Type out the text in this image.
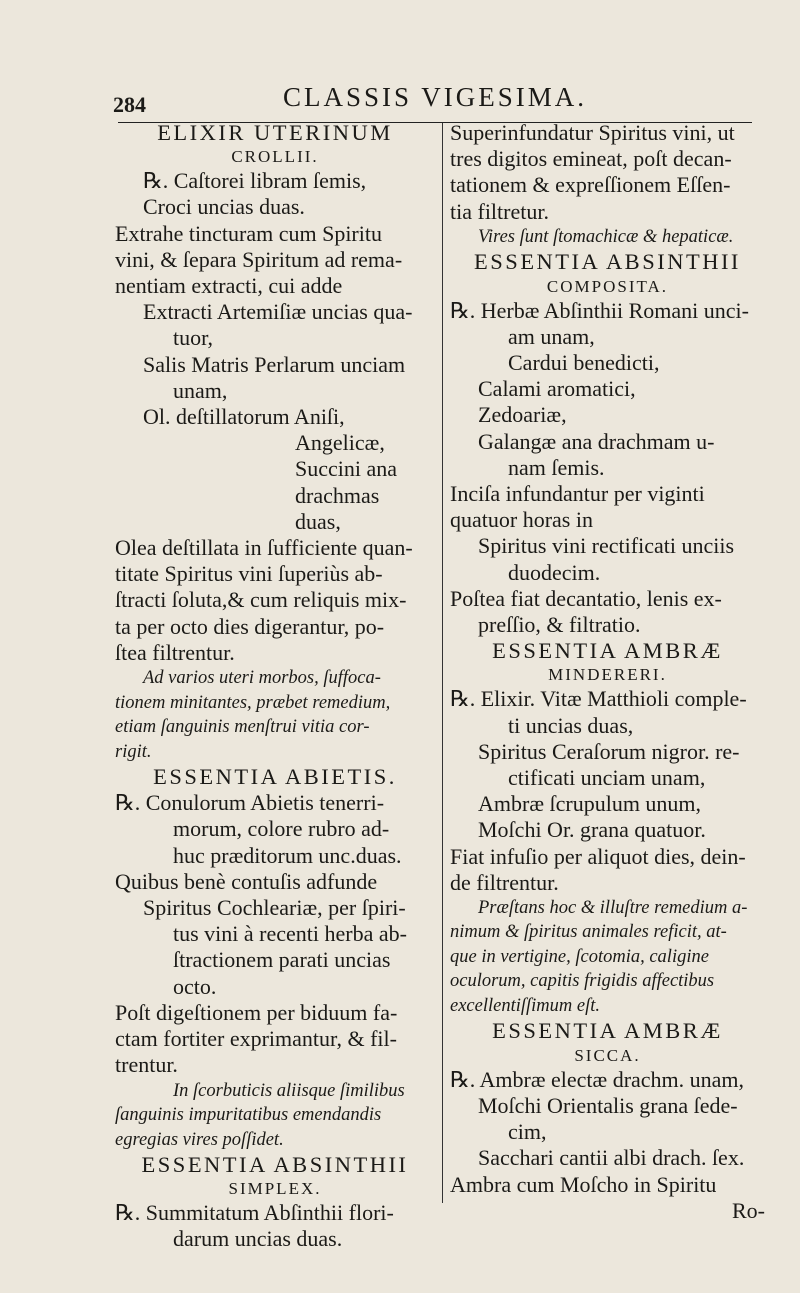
284	CLASSIS VIGESIMA.
ELIXIR UTERINUM
CROLLII.
℞. Caſtorei libram ſemis,
Croci uncias duas.
Extrahe tincturam cum Spiritu
vini, & ſepara Spiritum ad rema-
nentiam extracti, cui adde
Extracti Artemiſiæ uncias qua-
tuor,
Salis Matris Perlarum unciam
unam,
Ol. deſtillatorum Aniſi,
Angelicæ,
Succini ana
drachmas
duas,
Olea deſtillata in ſufficiente quan-
titate Spiritus vini ſuperiùs ab-
ſtracti ſoluta,& cum reliquis mix-
ta per octo dies digerantur, po-
ſtea filtrentur.
Ad varios uteri morbos, ſuffoca-
tionem minitantes, præbet remedium,
etiam ſanguinis menſtrui vitia cor-
rigit.
ESSENTIA ABIETIS.
℞. Conulorum Abietis tenerri-
morum, colore rubro ad-
huc præditorum unc.duas.
Quibus benè contuſis adfunde
Spiritus Cochleariæ, per ſpiri-
tus vini à recenti herba ab-
ſtractionem parati uncias
octo.
Poſt digeſtionem per biduum fa-
ctam fortiter exprimantur, & fil-
trentur.
In ſcorbuticis aliisque ſimilibus
ſanguinis impuritatibus emendandis
egregias vires poſſidet.
ESSENTIA ABSINTHII
SIMPLEX.
℞. Summitatum Abſinthii flori-
darum uncias duas.
Superinfundatur Spiritus vini, ut
tres digitos emineat, poſt decan-
tationem & expreſſionem Eſſen-
tia filtretur.
Vires ſunt ſtomachicæ & hepaticæ.
ESSENTIA ABSINTHII
COMPOSITA.
℞. Herbæ Abſinthii Romani unci-
am unam,
Cardui benedicti,
Calami aromatici,
Zedoariæ,
Galangæ ana drachmam u-
nam ſemis.
Inciſa infundantur per viginti
quatuor horas in
Spiritus vini rectificati unciis
duodecim.
Poſtea fiat decantatio, lenis ex-
preſſio, & filtratio.
ESSENTIA AMBRÆ
MINDERERI.
℞. Elixir. Vitæ Matthioli comple-
ti uncias duas,
Spiritus Ceraſorum nigror. re-
ctificati unciam unam,
Ambræ ſcrupulum unum,
Moſchi Or. grana quatuor.
Fiat infuſio per aliquot dies, dein-
de filtrentur.
Præſtans hoc & illuſtre remedium a-
nimum & ſpiritus animales reficit, at-
que in vertigine, ſcotomia, caligine
oculorum, capitis frigidis affectibus
excellentiſſimum eſt.
ESSENTIA AMBRÆ
SICCA.
℞. Ambræ electæ drachm. unam,
Moſchi Orientalis grana ſede-
cim,
Sacchari cantii albi drach. ſex.
Ambra cum Moſcho in Spiritu
Ro-
